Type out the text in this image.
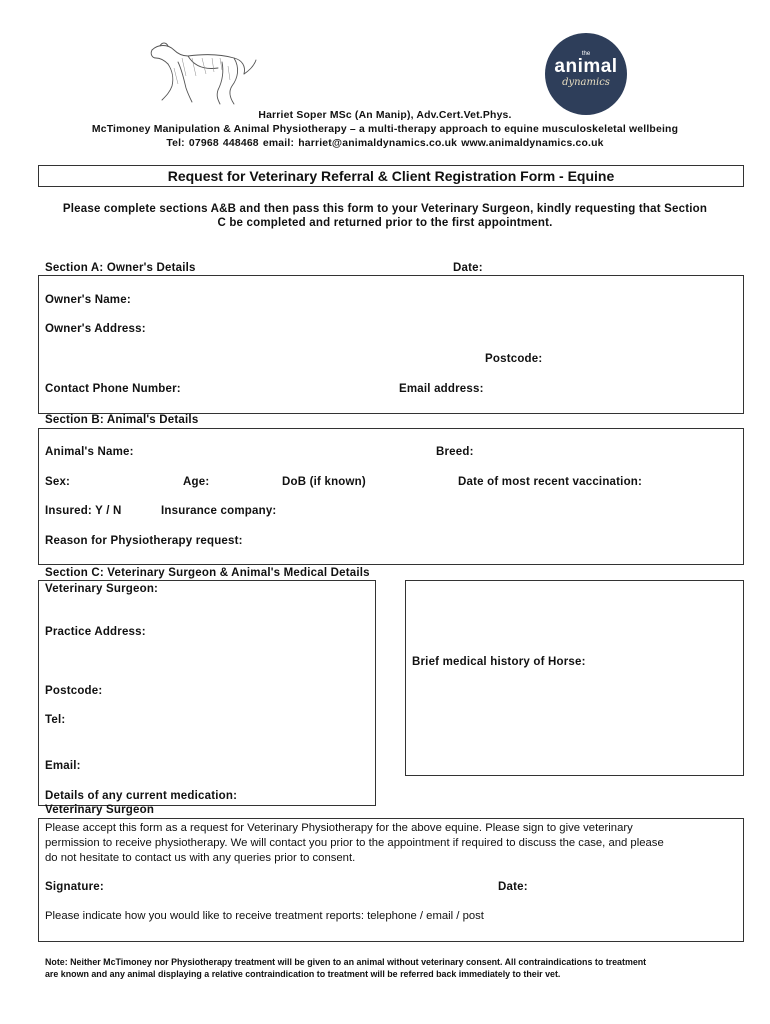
the
animal
dynamics
Harriet Soper MSc (An Manip), Adv.Cert.Vet.Phys.
McTimoney Manipulation & Animal Physiotherapy – a multi-therapy approach to equine musculoskeletal wellbeing
Tel: 07968 448468 email: harriet@animaldynamics.co.uk www.animaldynamics.co.uk
Request for Veterinary Referral & Client Registration Form - Equine
Please complete sections A&B and then pass this form to your Veterinary Surgeon, kindly requesting that Section
C be completed and returned prior to the first appointment.
Section A: Owner's Details	Date:
Owner's Name:
Owner's Address:
Postcode:
Contact Phone Number:	Email address:
Section B: Animal's Details
Animal's Name:	Breed:
Sex:	Age:	DoB (if known)	Date of most recent vaccination:
Insured: Y / N	Insurance company:
Reason for Physiotherapy request:
Section C: Veterinary Surgeon & Animal's Medical Details
Veterinary Surgeon:
Practice Address:
Brief medical history of Horse:
Postcode:
Tel:
Email:
Details of any current medication:
Veterinary Surgeon
Please accept this form as a request for Veterinary Physiotherapy for the above equine. Please sign to give veterinary
permission to receive physiotherapy. We will contact you prior to the appointment if required to discuss the case, and please
do not hesitate to contact us with any queries prior to consent.
Signature:	Date:
Please indicate how you would like to receive treatment reports: telephone / email / post
Note: Neither McTimoney nor Physiotherapy treatment will be given to an animal without veterinary consent. All contraindications to treatment
are known and any animal displaying a relative contraindication to treatment will be referred back immediately to their vet.
